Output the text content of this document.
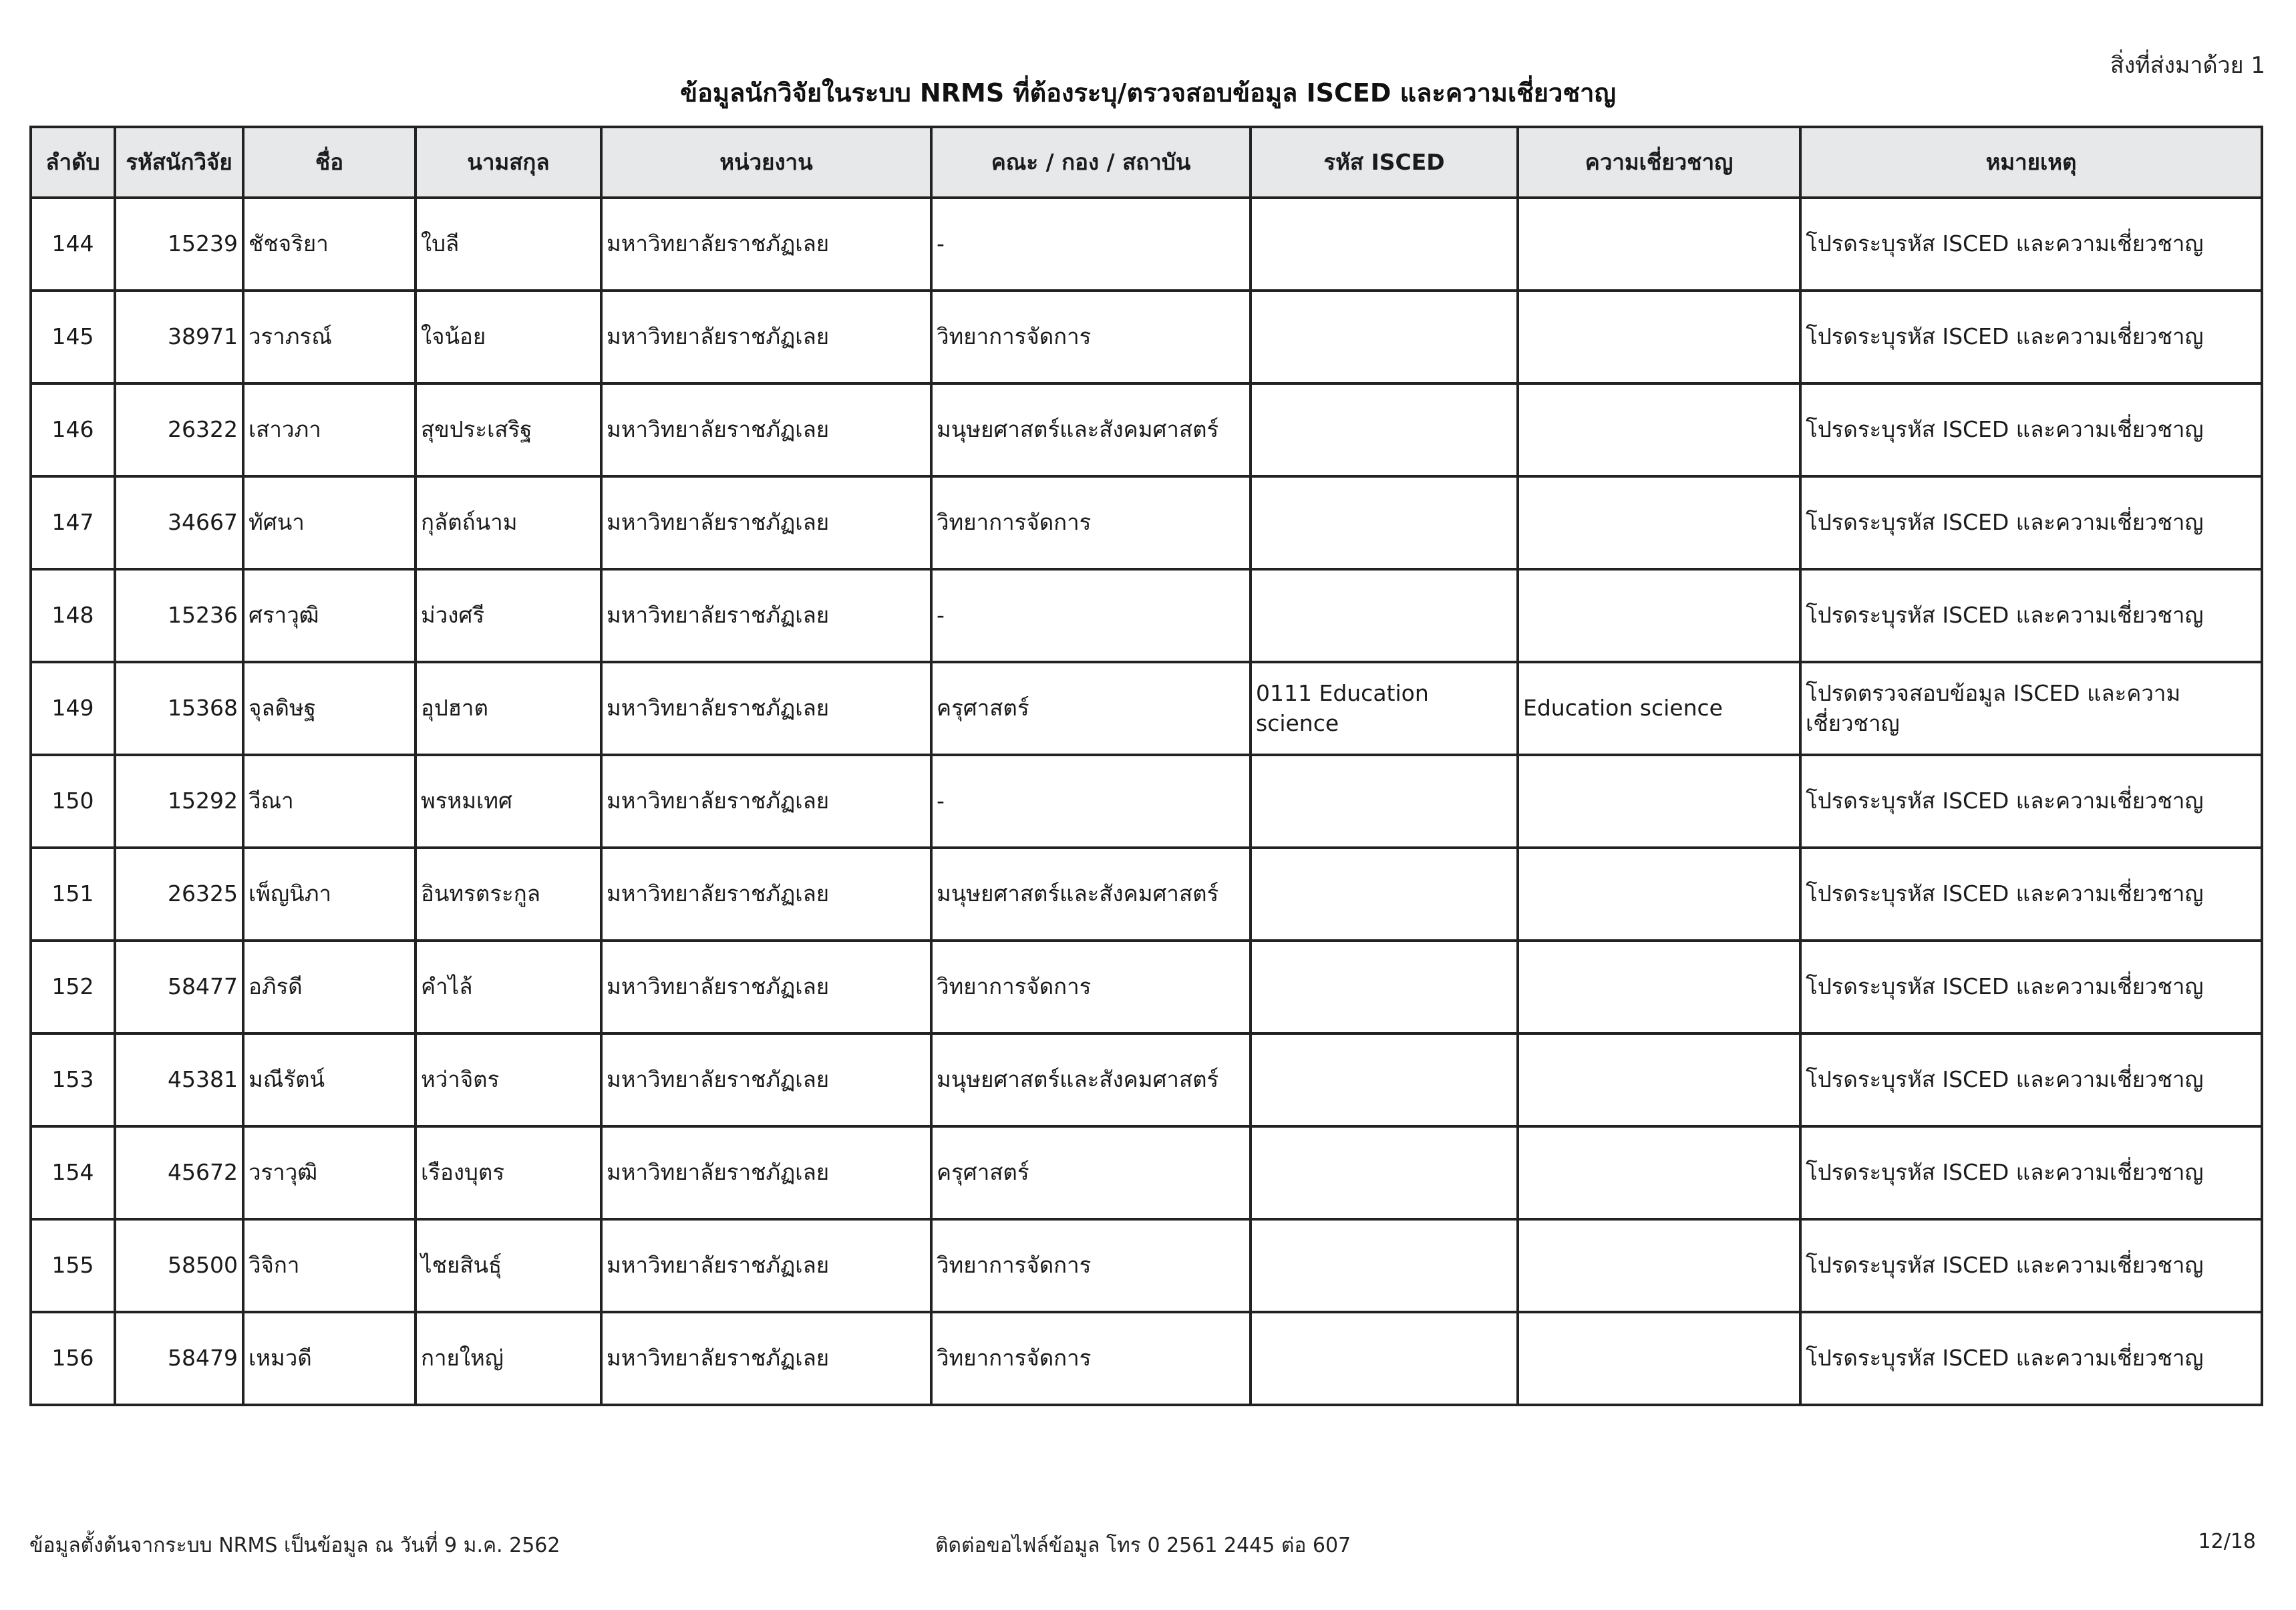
สิ่งที่ส่งมาด้วย 1
ข้อมูลนักวิจัยในระบบ NRMS ที่ต้องระบุ/ตรวจสอบข้อมูล ISCED และความเชี่ยวชาญ
ลำดับ	รหัสนักวิจัย	ชื่อ	นามสกุล	หน่วยงาน	คณะ / กอง / สถาบัน	รหัส ISCED	ความเชี่ยวชาญ	หมายเหตุ
144	15239	ชัชจริยา	ใบลี	มหาวิทยาลัยราชภัฏเลย	-			โปรดระบุรหัส ISCED และความเชี่ยวชาญ
145	38971	วราภรณ์	ใจน้อย	มหาวิทยาลัยราชภัฏเลย	วิทยาการจัดการ			โปรดระบุรหัส ISCED และความเชี่ยวชาญ
146	26322	เสาวภา	สุขประเสริฐ	มหาวิทยาลัยราชภัฏเลย	มนุษยศาสตร์และสังคมศาสตร์			โปรดระบุรหัส ISCED และความเชี่ยวชาญ
147	34667	ทัศนา	กุลัตถ์นาม	มหาวิทยาลัยราชภัฏเลย	วิทยาการจัดการ			โปรดระบุรหัส ISCED และความเชี่ยวชาญ
148	15236	ศราวุฒิ	ม่วงศรี	มหาวิทยาลัยราชภัฏเลย	-			โปรดระบุรหัส ISCED และความเชี่ยวชาญ
149	15368	จุลดิษฐ	อุปฮาต	มหาวิทยาลัยราชภัฏเลย	ครุศาสตร์	0111 Education science	Education science	โปรดตรวจสอบข้อมูล ISCED และความเชี่ยวชาญ
150	15292	วีณา	พรหมเทศ	มหาวิทยาลัยราชภัฏเลย	-			โปรดระบุรหัส ISCED และความเชี่ยวชาญ
151	26325	เพ็ญนิภา	อินทรตระกูล	มหาวิทยาลัยราชภัฏเลย	มนุษยศาสตร์และสังคมศาสตร์			โปรดระบุรหัส ISCED และความเชี่ยวชาญ
152	58477	อภิรดี	คำไล้	มหาวิทยาลัยราชภัฏเลย	วิทยาการจัดการ			โปรดระบุรหัส ISCED และความเชี่ยวชาญ
153	45381	มณีรัตน์	หว่าจิตร	มหาวิทยาลัยราชภัฏเลย	มนุษยศาสตร์และสังคมศาสตร์			โปรดระบุรหัส ISCED และความเชี่ยวชาญ
154	45672	วราวุฒิ	เรืองบุตร	มหาวิทยาลัยราชภัฏเลย	ครุศาสตร์			โปรดระบุรหัส ISCED และความเชี่ยวชาญ
155	58500	วิจิกา	ไชยสินธุ์	มหาวิทยาลัยราชภัฏเลย	วิทยาการจัดการ			โปรดระบุรหัส ISCED และความเชี่ยวชาญ
156	58479	เหมวดี	กายใหญ่	มหาวิทยาลัยราชภัฏเลย	วิทยาการจัดการ			โปรดระบุรหัส ISCED และความเชี่ยวชาญ
ข้อมูลตั้งต้นจากระบบ NRMS เป็นข้อมูล ณ วันที่ 9 ม.ค. 2562	ติดต่อขอไฟล์ข้อมูล โทร 0 2561 2445 ต่อ 607	12/18
